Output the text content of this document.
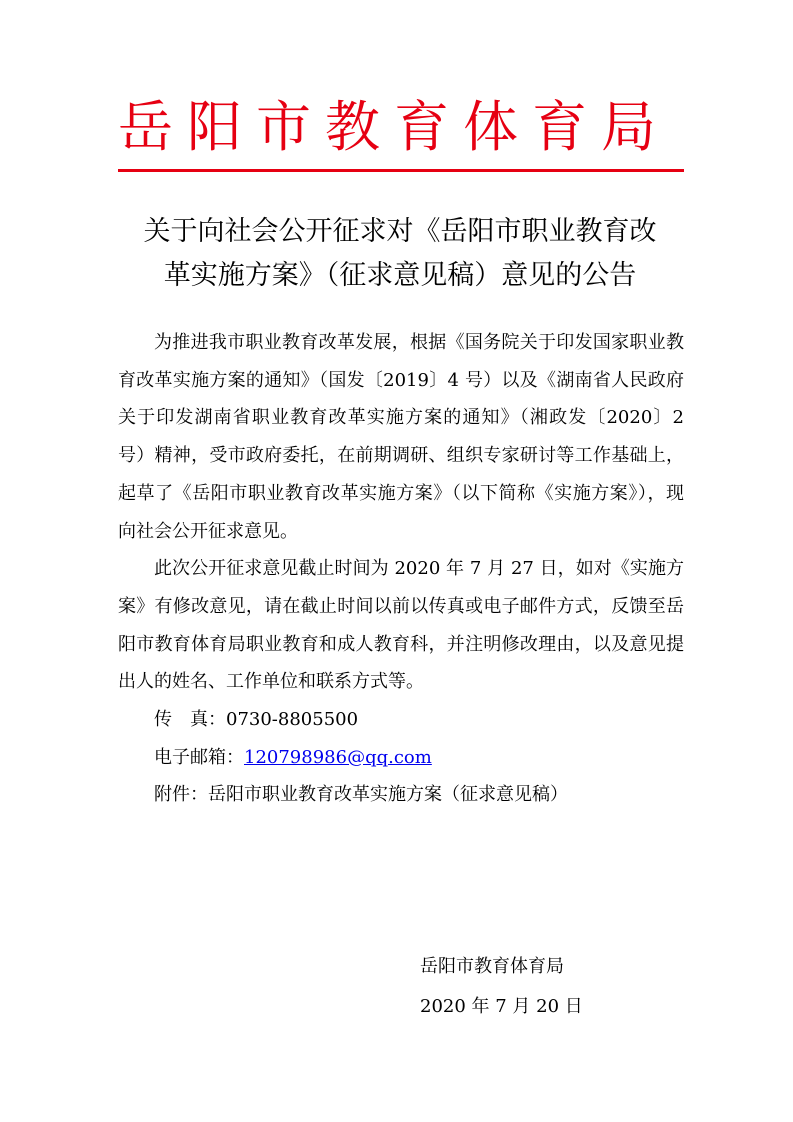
岳阳市教育体育局
关于向社会公开征求对《岳阳市职业教育改
革实施方案》（征求意见稿）意见的公告

为推进我市职业教育改革发展，根据《国务院关于印发国家职业教育改革实施方案的通知》（国发〔2019〕4 号）以及《湖南省人民政府关于印发湖南省职业教育改革实施方案的通知》（湘政发〔2020〕2 号）精神，受市政府委托，在前期调研、组织专家研讨等工作基础上，起草了《岳阳市职业教育改革实施方案》（以下简称《实施方案》），现向社会公开征求意见。

此次公开征求意见截止时间为 2020 年 7 月 27 日，如对《实施方案》有修改意见，请在截止时间以前以传真或电子邮件方式，反馈至岳阳市教育体育局职业教育和成人教育科，并注明修改理由，以及意见提出人的姓名、工作单位和联系方式等。

传真：0730-8805500

电子邮箱：120798986@qq.com

附件：岳阳市职业教育改革实施方案（征求意见稿）

岳阳市教育体育局
2020 年 7 月 20 日
